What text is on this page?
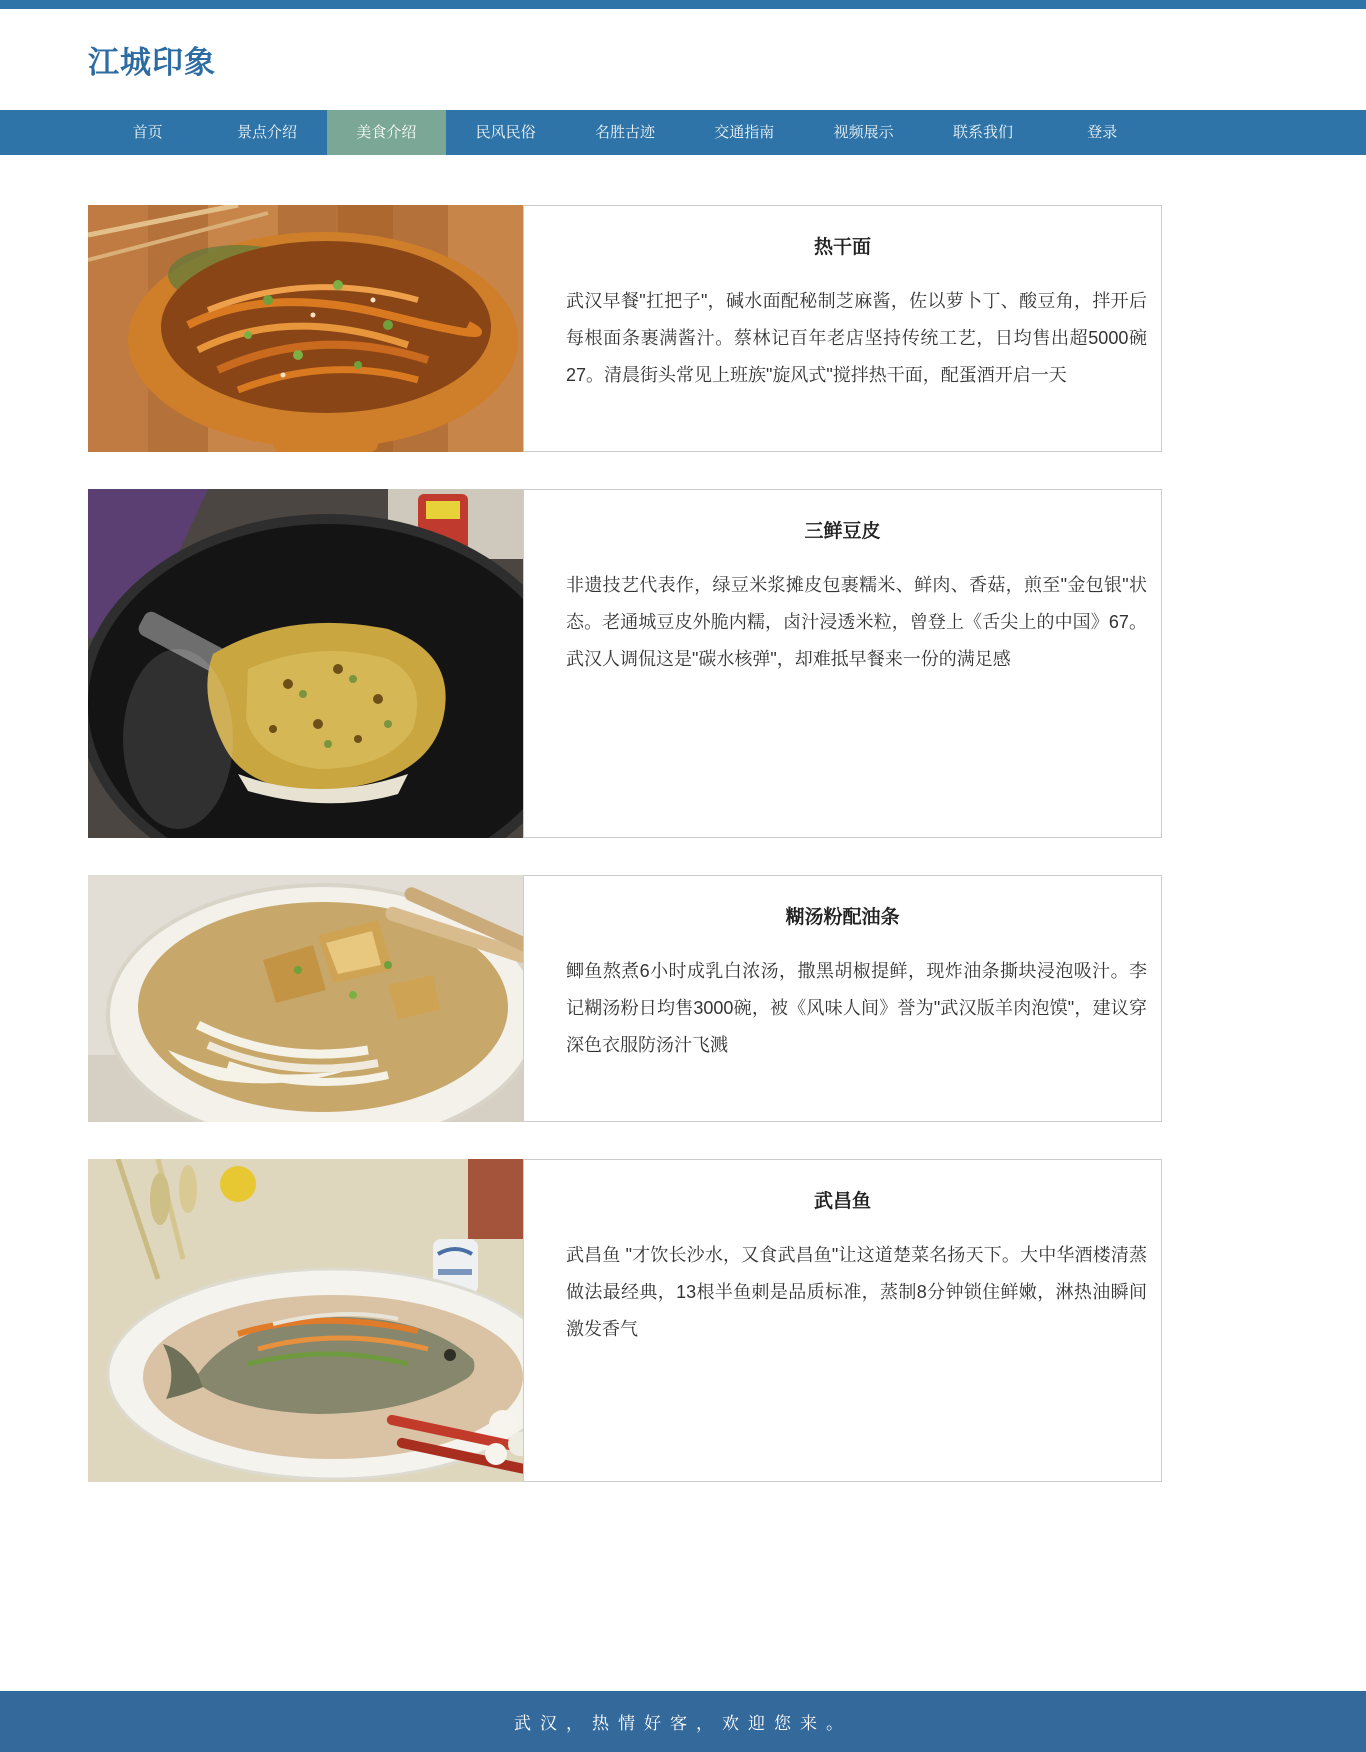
江城印象
首页	景点介绍	美食介绍	民风民俗	名胜古迹	交通指南	视频展示	联系我们	登录
热干面

武汉早餐"扛把子"，碱水面配秘制芝麻酱，佐以萝卜丁、酸豆角，拌开后每根面条裹满酱汁。蔡林记百年老店坚持传统工艺，日均售出超5000碗27。清晨街头常见上班族"旋风式"搅拌热干面，配蛋酒开启一天

三鲜豆皮

非遗技艺代表作，绿豆米浆摊皮包裹糯米、鲜肉、香菇，煎至"金包银"状态。老通城豆皮外脆内糯，卤汁浸透米粒，曾登上《舌尖上的中国》67。武汉人调侃这是"碳水核弹"，却难抵早餐来一份的满足感

糊汤粉配油条

鲫鱼熬煮6小时成乳白浓汤，撒黑胡椒提鲜，现炸油条撕块浸泡吸汁。李记糊汤粉日均售3000碗，被《风味人间》誉为"武汉版羊肉泡馍"，建议穿深色衣服防汤汁飞溅

武昌鱼

武昌鱼 "才饮长沙水，又食武昌鱼"让这道楚菜名扬天下。大中华酒楼清蒸做法最经典，13根半鱼刺是品质标准，蒸制8分钟锁住鲜嫩，淋热油瞬间激发香气

武汉，热情好客，欢迎您来。
